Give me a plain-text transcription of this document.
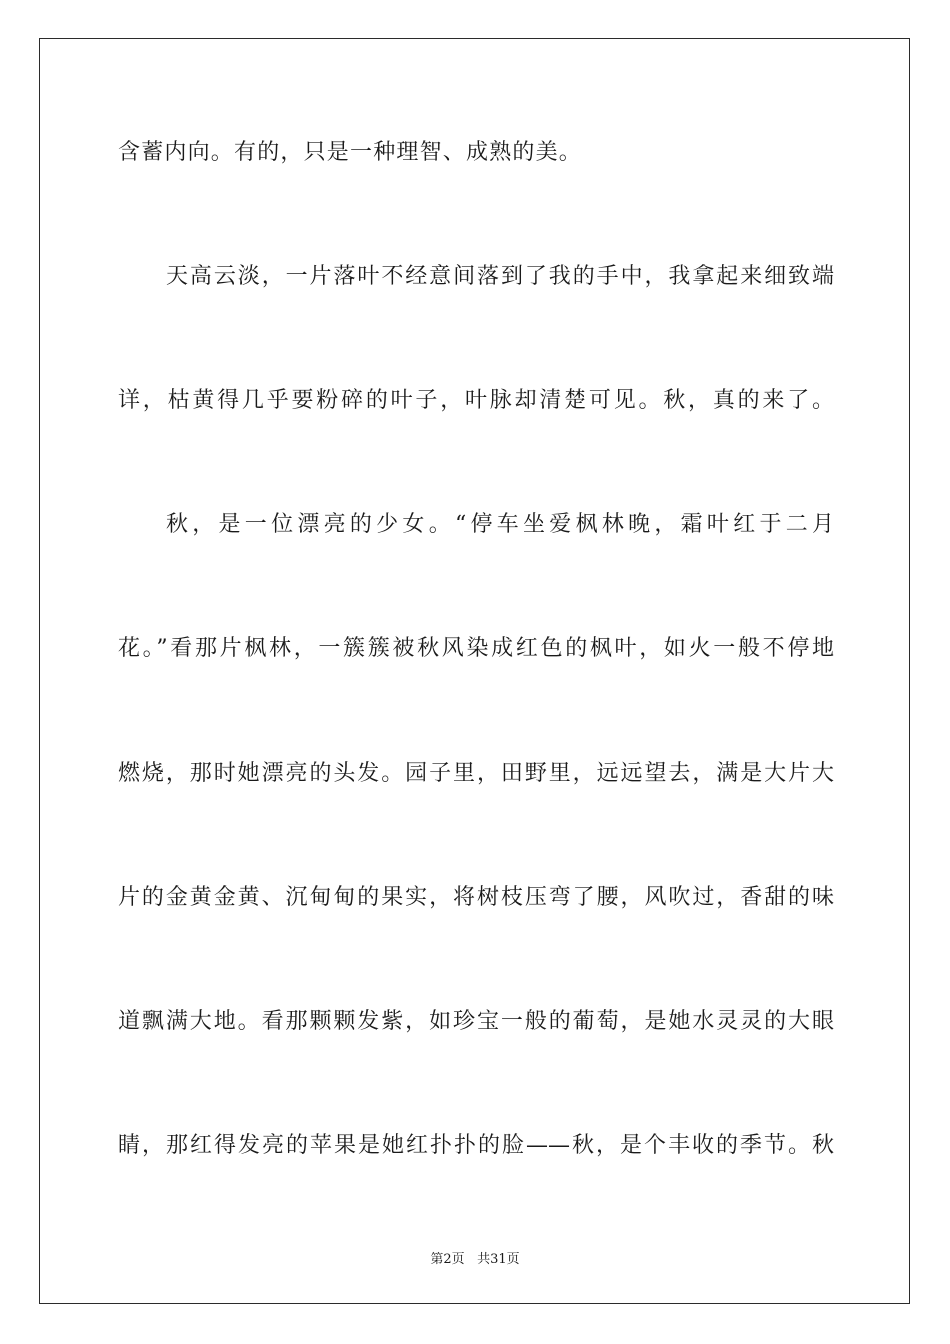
含蓄内向。有的，只是一种理智、成熟的美。
天高云淡，一片落叶不经意间落到了我的手中，我拿起来细致端
详，枯黄得几乎要粉碎的叶子，叶脉却清楚可见。秋，真的来了。
秋，是一位漂亮的少女。“停车坐爱枫林晚，霜叶红于二月
花。”看那片枫林，一簇簇被秋风染成红色的枫叶，如火一般不停地
燃烧，那时她漂亮的头发。园子里，田野里，远远望去，满是大片大
片的金黄金黄、沉甸甸的果实，将树枝压弯了腰，风吹过，香甜的味
道飘满大地。看那颗颗发紫，如珍宝一般的葡萄，是她水灵灵的大眼
睛，那红得发亮的苹果是她红扑扑的脸——秋，是个丰收的季节。秋
第2页 共31页
